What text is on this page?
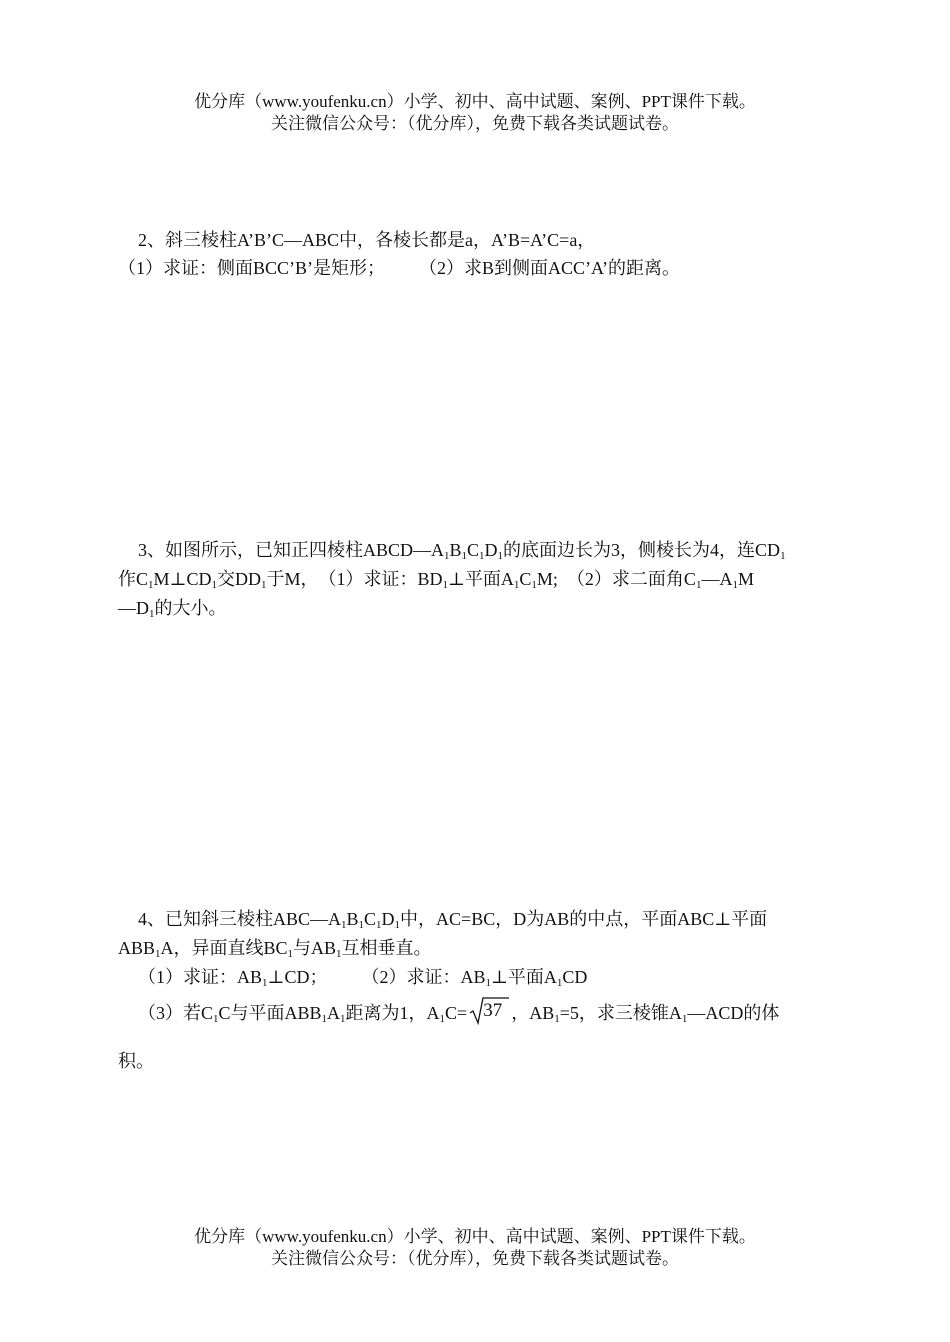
优分库（www.youfenku.cn）小学、初中、高中试题、案例、PPT课件下载。
关注微信公众号：（优分库），免费下载各类试题试卷。
2、斜三棱柱A’B’C—ABC中，各棱长都是a，A’B=A’C=a，
（1）求证：侧面BCC’B’是矩形； （2）求B到侧面ACC’A’的距离。
3、如图所示，已知正四棱柱$ABCD—A_1B_1C_1D_1$的底面边长为3，侧棱长为4，连$CD_1$
作$C_1M\perp CD_1$交$DD_1$于M，　（1）求证：$BD_1\perp$平面$A_1C_1M$;　（2）求二面角$C_1—A_1M$
$—D_1$的大小。
4、已知斜三棱柱$ABC—A_1B_1C_1D_1$中，AC=BC，D为AB的中点，平面ABC⊥平面
$ABB_1A$，异面直线$BC_1$与$AB_1$互相垂直。
（1）求证：$AB_1\perp CD$； （2）求证：$AB_1\perp$平面$A_1CD$
（3）若$C_1C$与平面$ABB_1A_1$距离为1，$A_1C= 37$ ，$AB_1=5$，求三棱锥$A_1—ACD$的体
积。
优分库（www.youfenku.cn）小学、初中、高中试题、案例、PPT课件下载。
关注微信公众号：（优分库），免费下载各类试题试卷。
